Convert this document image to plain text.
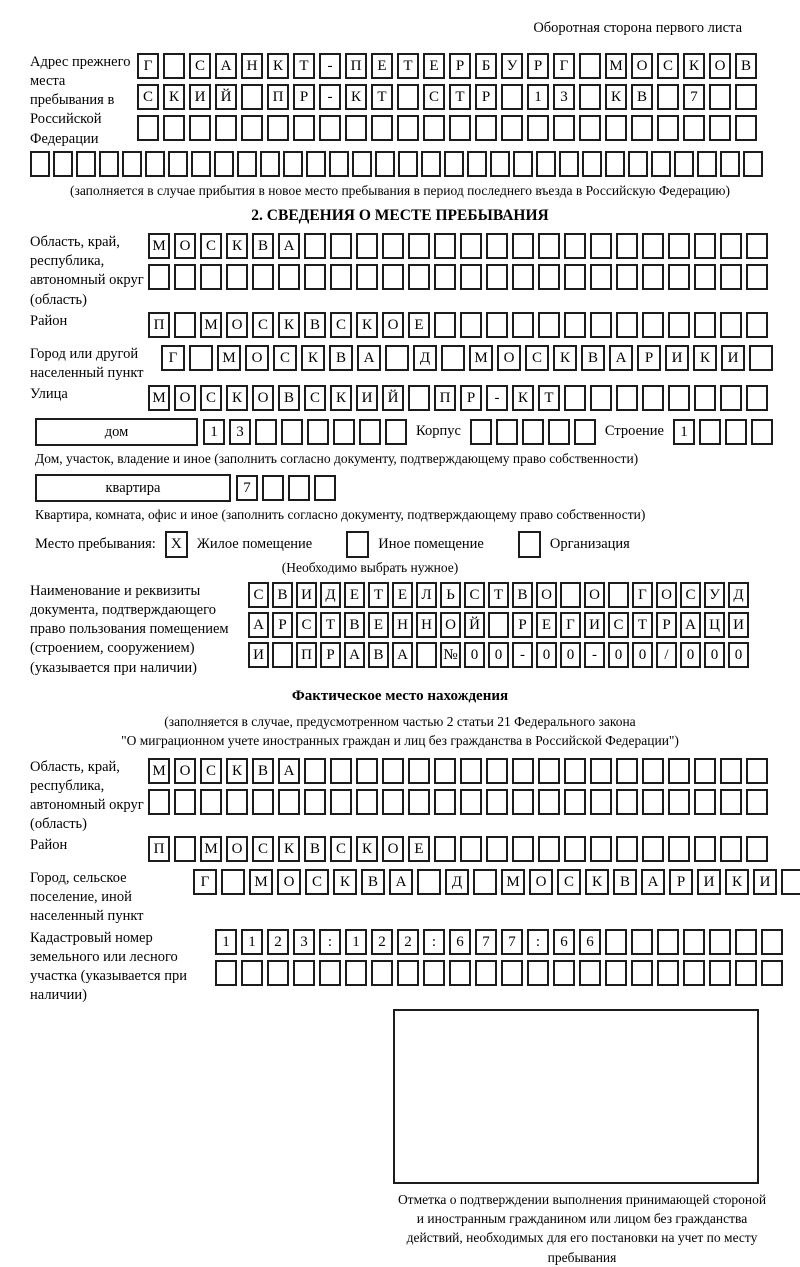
Оборотная сторона первого листа
Адрес прежнего места пребывания в Российской Федерации
Г	С	А	Н	К	Т	-	П	Е	Т	Е	Р	Б	У	Р	Г	М О	С	К	О	В
С	К	И	Й	П	Р	-	К	Т	С	Т	Р	1	3	К	В	7
(заполняется в случае прибытия в новое место пребывания в период последнего въезда в Российскую Федерацию)
2. СВЕДЕНИЯ О МЕСТЕ ПРЕБЫВАНИЯ
Область, край, республика, автономный округ (область)
М О	С	К	В	А
Район	П	М О	С	К	В	С	К	О	Е
Город или другой населенный пункт
Г	М	О	С	К	В	А	Д	М	О	С	К	В	А	Р	И	К	И
Улица	М О	С	К	О	В	С	К	И	Й	П	Р	-	К	Т
дом	1	3	Корпус	Строение	1
Дом, участок, владение и иное (заполнить согласно документу, подтверждающему право собственности)
квартира	7
Квартира, комната, офис и иное (заполнить согласно документу, подтверждающему право собственности)
Место пребывания:	X	Жилое помещение	Иное помещение	Организация
(Необходимо выбрать нужное)
Наименование и реквизиты документа, подтверждающего право пользования помещением (строением, сооружением) (указывается при наличии)
С В И Д Е Т Е Л Ь С Т В О	О	Г О С У Д
А Р С Т В Е Н Н О Й	Р	Е	Г И С Т	Р А Ц И
И	П Р А В А	№ 0	0	-	0	0	-	0	0	/	0	0	0
Фактическое место нахождения
(заполняется в случае, предусмотренном частью 2 статьи 21 Федерального закона
"О миграционном учете иностранных граждан и лиц без гражданства в Российской Федерации")
Область, край, республика, автономный округ (область)
М О	С	К	В	А
Район	П	М О	С	К	В	С	К	О	Е
Город, сельское поселение, иной населенный пункт
Г	М	О	С	К	В	А	Д	М	О	С	К	В	А	Р	И	К	И
Кадастровый номер земельного или лесного участка (указывается при наличии)
1	1	2	3	:	1	2	2	:	6	7	7	:	6	6
Отметка о подтверждении выполнения принимающей стороной и иностранным гражданином или лицом без гражданства действий, необходимых для его постановки на учет по месту пребывания
